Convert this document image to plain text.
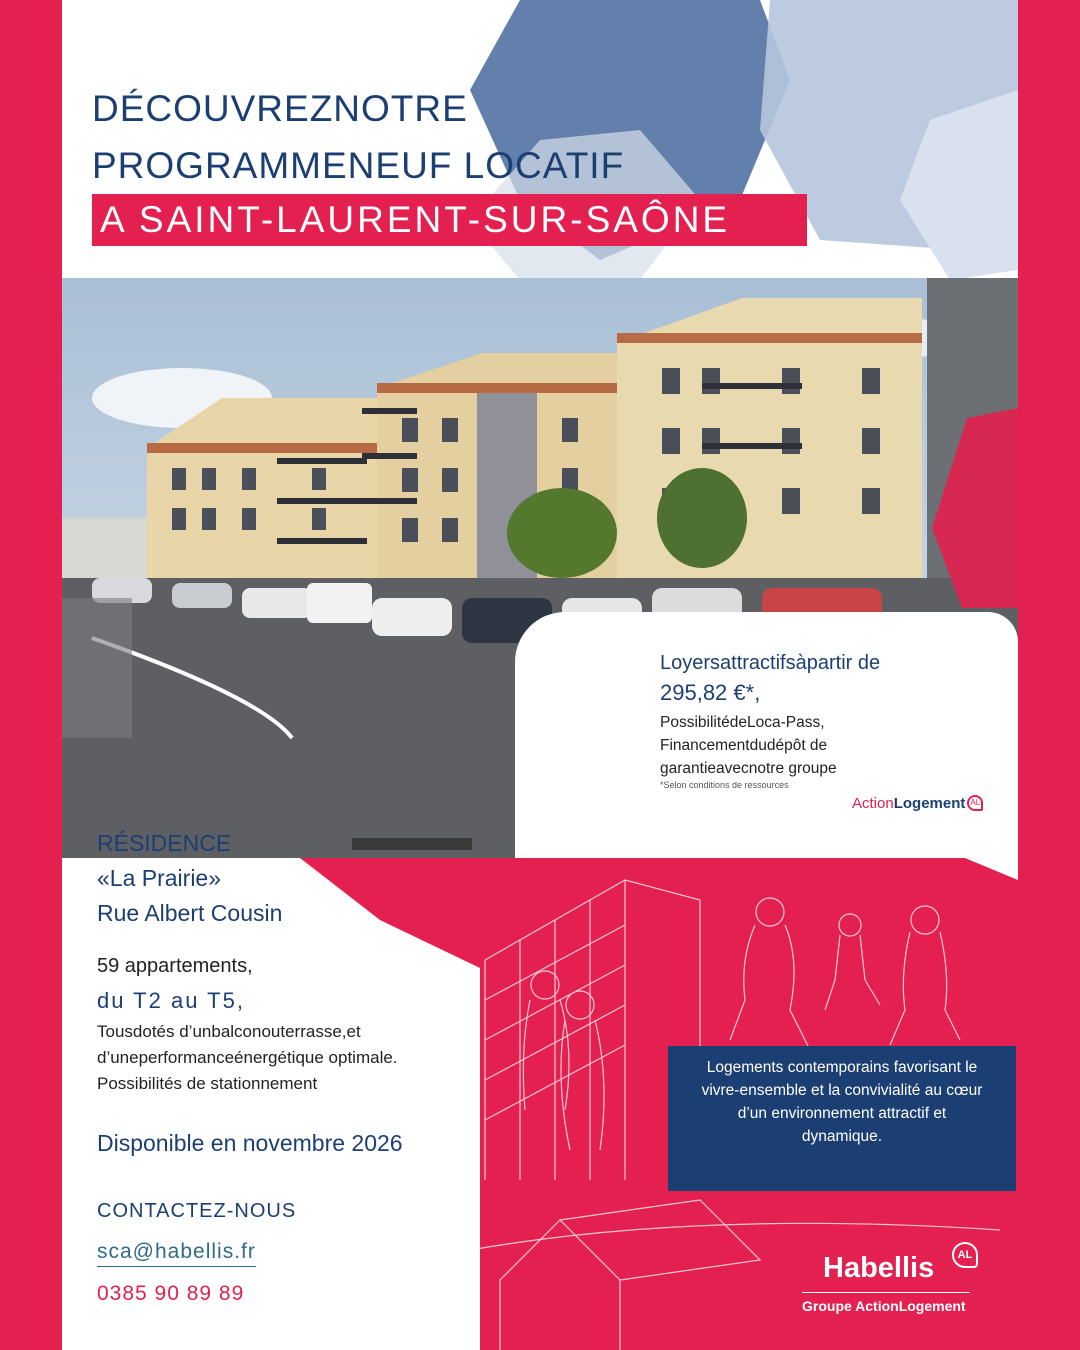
DÉCOUVREZNOTRE
PROGRAMMENEUF LOCATIF
A SAINT-LAURENT-SUR-SAÔNE
Loyersattractifsàpartir de
295,82 €*,
PossibilitédeLoca-Pass,
Financementdudépôt de
garantieavecnotre groupe
*Selon conditions de ressources
ActionLogement AL
RÉSIDENCE
«La Prairie»
Rue Albert Cousin
59 appartements,
du T2 au T5,
Tousdotés d’unbalconouterrasse,et
d’uneperformanceénergétique optimale.
Possibilités de stationnement
Disponible en novembre 2026
CONTACTEZ-NOUS
sca@habellis.fr
0385 90 89 89
Logements contemporains favorisant le
vivre-ensemble et la convivialité au cœur
d’un environnement attractif et
dynamique.
Habellis	AL
Groupe ActionLogement
